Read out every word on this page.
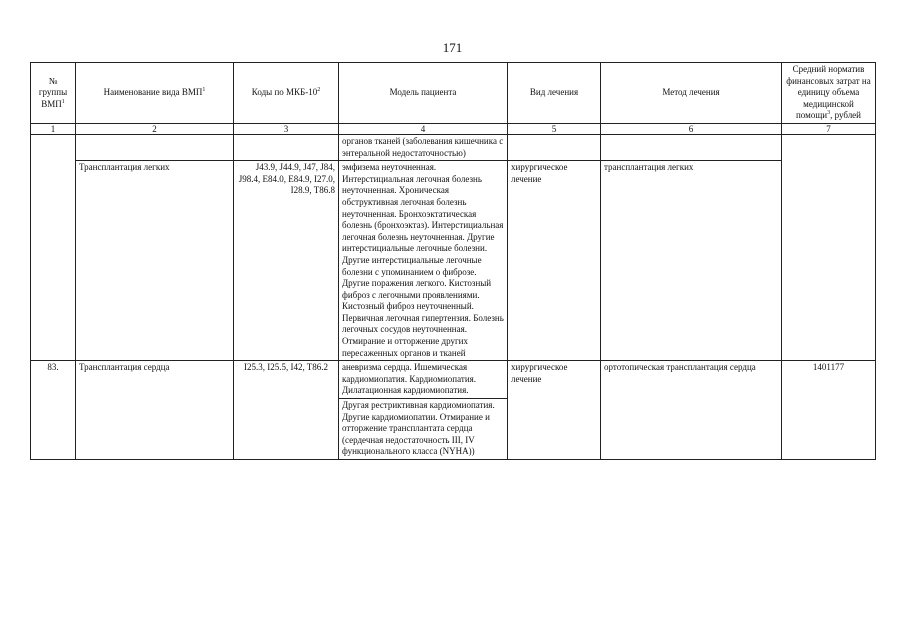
171
№ группы ВМП$^1$	Наименование вида ВМП$^1$	Коды по МКБ-$10^2$	Модель пациента	Вид лечения	Метод лечения	Средний норматив финансовых затрат на единицу объема медицинской помощи$^3$, рублей
1	2	3	4	5	6	7
			органов тканей (заболевания кишечника с энтеральной недостаточностью)			
	Трансплантация легких	J43.9, J44.9, J47, J84, J98.4, E84.0, E84.9, I27.0, I28.9, T86.8	эмфизема неуточненная. Интерстициальная легочная болезнь неуточненная. Хроническая обструктивная легочная болезнь неуточненная. Бронхоэктатическая болезнь (бронхоэктаз). Интерстициальная легочная болезнь неуточненная. Другие интерстициальные легочные болезни. Другие интерстициальные легочные болезни с упоминанием о фиброзе. Другие поражения легкого. Кистозный фиброз с легочными проявлениями. Кистозный фиброз неуточненный. Первичная легочная гипертензия. Болезнь легочных сосудов неуточненная. Отмирание и отторжение других пересаженных органов и тканей	хирургическое лечение	трансплантация легких	
83.	Трансплантация сердца	I25.3, I25.5, I42, T86.2	аневризма сердца. Ишемическая кардиомиопатия. Кардиомиопатия. Дилатационная кардиомиопатия.	хирургическое лечение	ортотопическая трансплантация сердца	1401177
			Другая рестриктивная кардиомиопатия. Другие кардиомиопатии. Отмирание и отторжение трансплантата сердца (сердечная недостаточность III, IV функционального класса (NYHA))			
